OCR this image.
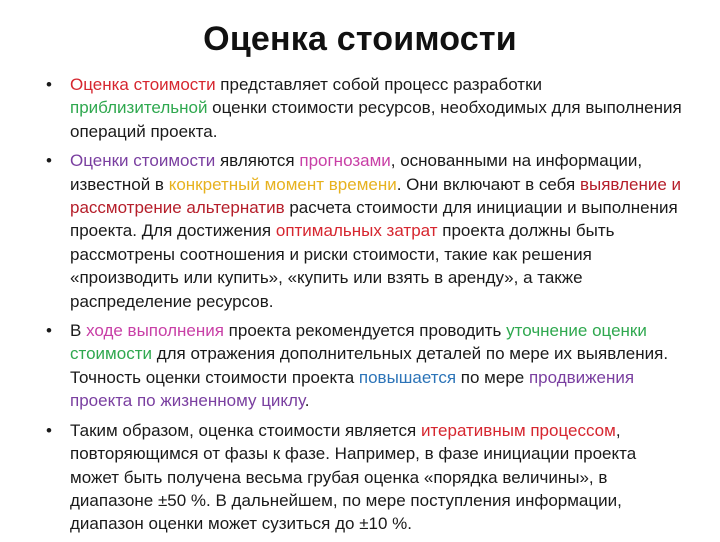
Оценка стоимости
• Оценка стоимости представляет собой процесс разработки приблизительной оценки стоимости ресурсов, необходимых для выполнения операций проекта.
• Оценки стоимости являются прогнозами, основанными на информации, известной в конкретный момент времени. Они включают в себя выявление и рассмотрение альтернатив расчета стоимости для инициации и выполнения проекта. Для достижения оптимальных затрат проекта должны быть рассмотрены соотношения и риски стоимости, такие как решения «производить или купить», «купить или взять в аренду», а также распределение ресурсов.
• В ходе выполнения проекта рекомендуется проводить уточнение оценки стоимости для отражения дополнительных деталей по мере их выявления. Точность оценки стоимости проекта повышается по мере продвижения проекта по жизненному циклу.
• Таким образом, оценка стоимости является итеративным процессом, повторяющимся от фазы к фазе. Например, в фазе инициации проекта может быть получена весьма грубая оценка «порядка величины», в диапазоне ±50 %. В дальнейшем, по мере поступления информации, диапазон оценки может сузиться до ±10 %.
